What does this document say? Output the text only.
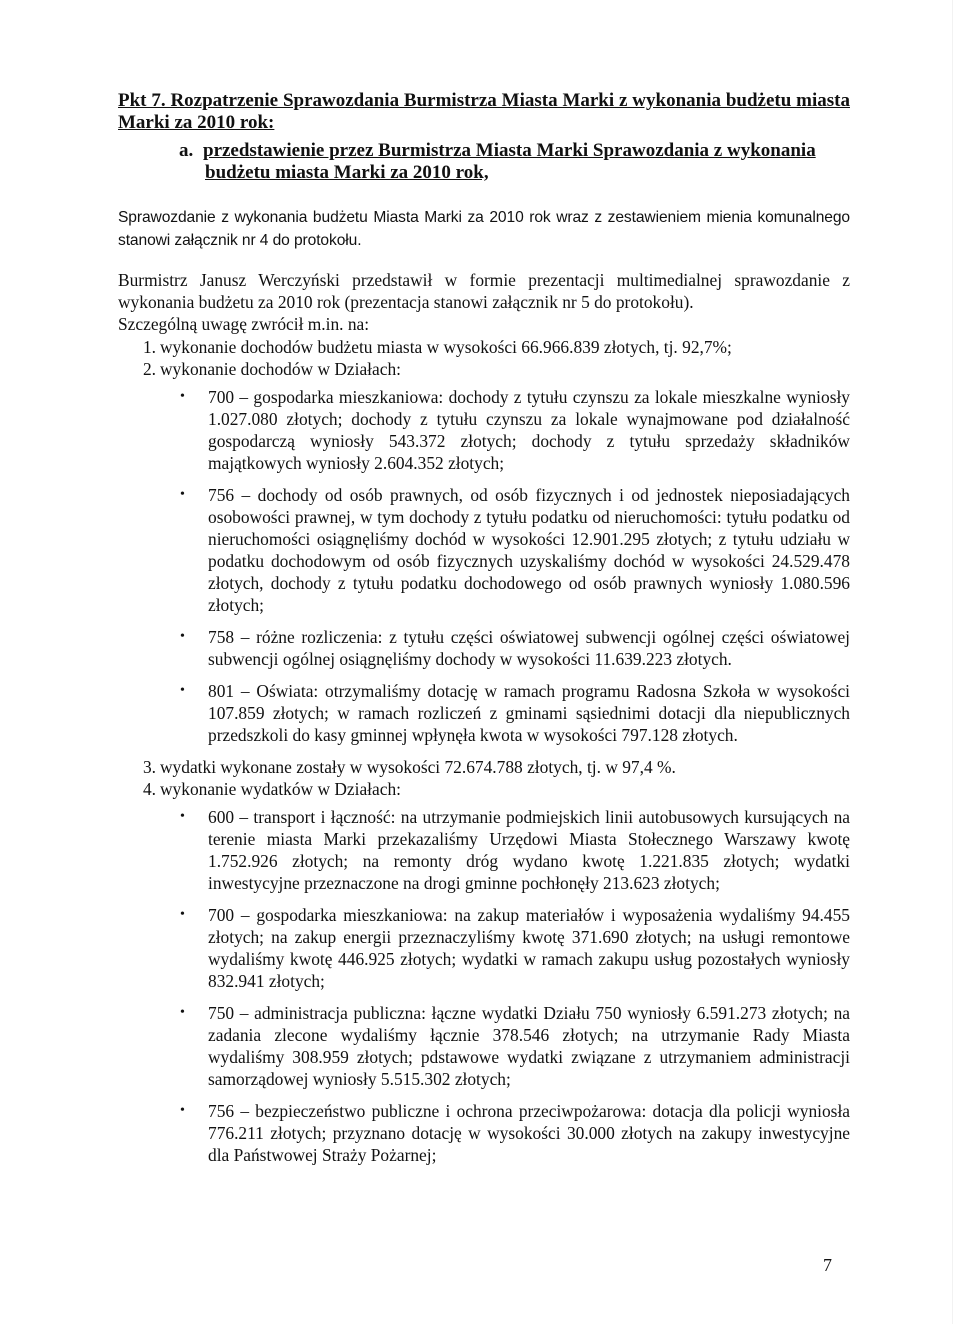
Pkt 7. Rozpatrzenie Sprawozdania Burmistrza Miasta Marki z wykonania budżetu miasta Marki za 2010 rok:
a. przedstawienie przez Burmistrza Miasta Marki Sprawozdania z wykonania budżetu miasta Marki za 2010 rok,
Sprawozdanie z wykonania budżetu Miasta Marki za 2010 rok wraz z zestawieniem mienia komunalnego stanowi załącznik nr 4 do protokołu.
Burmistrz Janusz Werczyński przedstawił w formie prezentacji multimedialnej sprawozdanie z wykonania budżetu za 2010 rok (prezentacja stanowi załącznik nr 5 do protokołu).
Szczególną uwagę zwrócił m.in. na:
1. wykonanie dochodów budżetu miasta w wysokości 66.966.839 złotych, tj. 92,7%;
2. wykonanie dochodów w Działach:
• 700 – gospodarka mieszkaniowa: dochody z tytułu czynszu za lokale mieszkalne wyniosły 1.027.080 złotych; dochody z tytułu czynszu za lokale wynajmowane pod działalność gospodarczą wyniosły 543.372 złotych; dochody z tytułu sprzedaży składników majątkowych wyniosły 2.604.352 złotych;
• 756 – dochody od osób prawnych, od osób fizycznych i od jednostek nieposiadających osobowości prawnej, w tym dochody z tytułu podatku od nieruchomości: tytułu podatku od nieruchomości osiągnęliśmy dochód w wysokości 12.901.295 złotych; z tytułu udziału w podatku dochodowym od osób fizycznych uzyskaliśmy dochód w wysokości 24.529.478 złotych, dochody z tytułu podatku dochodowego od osób prawnych wyniosły 1.080.596 złotych;
• 758 – różne rozliczenia: z tytułu części oświatowej subwencji ogólnej części oświatowej subwencji ogólnej osiągnęliśmy dochody w wysokości 11.639.223 złotych.
• 801 – Oświata: otrzymaliśmy dotację w ramach programu Radosna Szkoła w wysokości 107.859 złotych; w ramach rozliczeń z gminami sąsiednimi dotacji dla niepublicznych przedszkoli do kasy gminnej wpłynęła kwota w wysokości 797.128 złotych.
3. wydatki wykonane zostały w wysokości 72.674.788 złotych, tj. w 97,4 %.
4. wykonanie wydatków w Działach:
• 600 – transport i łączność: na utrzymanie podmiejskich linii autobusowych kursujących na terenie miasta Marki przekazaliśmy Urzędowi Miasta Stołecznego Warszawy kwotę 1.752.926 złotych; na remonty dróg wydano kwotę 1.221.835 złotych; wydatki inwestycyjne przeznaczone na drogi gminne pochłonęły 213.623 złotych;
• 700 – gospodarka mieszkaniowa: na zakup materiałów i wyposażenia wydaliśmy 94.455 złotych; na zakup energii przeznaczyliśmy kwotę 371.690 złotych; na usługi remontowe wydaliśmy kwotę 446.925 złotych; wydatki w ramach zakupu usług pozostałych wyniosły 832.941 złotych;
• 750 – administracja publiczna: łączne wydatki Działu 750 wyniosły 6.591.273 złotych; na zadania zlecone wydaliśmy łącznie 378.546 złotych; na utrzymanie Rady Miasta wydaliśmy 308.959 złotych; pdstawowe wydatki związane z utrzymaniem administracji samorządowej wyniosły 5.515.302 złotych;
• 756 – bezpieczeństwo publiczne i ochrona przeciwpożarowa: dotacja dla policji wyniosła 776.211 złotych; przyznano dotację w wysokości 30.000 złotych na zakupy inwestycyjne dla Państwowej Straży Pożarnej;
7
